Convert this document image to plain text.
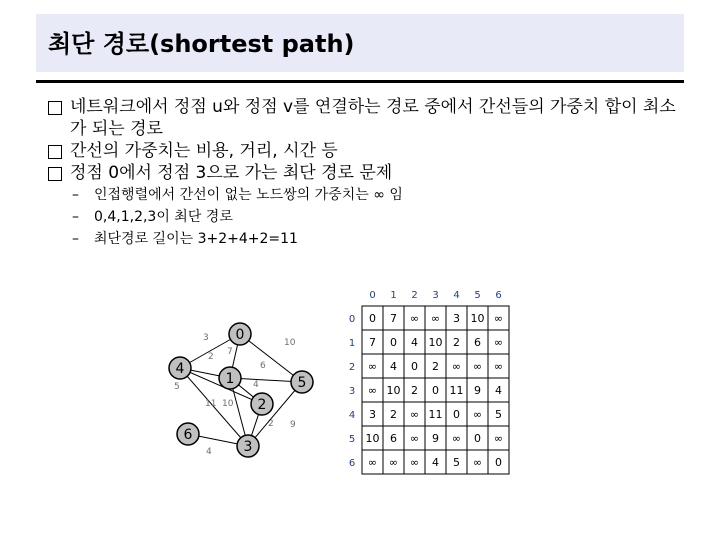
최단 경로(shortest path)
네트워크에서 정점 u와 정점 v를 연결하는 경로 중에서 간선들의 가중치 합이 최소가 되는 경로
간선의 가중치는 비용, 거리, 시간 등
정점 0에서 정점 3으로 가는 최단 경로 문제
– 인접행렬에서 간선이 없는 노드쌍의 가중치는 ∞ 임
– 0,4,1,2,3이 최단 경로
– 최단경로 길이는 3+2+4+2=11
3
7
10
2
5
11
6
4
10
2 9
4
0
1
2
3
4
5
6
0
0
1
1
2
2
3
3
4
4
5
5
6
6
0 7 ∞ ∞ 3 10 ∞
7 0 4 10 2 6 ∞
∞ 4 0 2 ∞ ∞ ∞
∞ 10 2 0 11 9 4
3 2 ∞ 11 0 ∞ 5
10 6 ∞ 9 ∞ 0 ∞
∞ ∞ ∞ 4 5 ∞ 0
